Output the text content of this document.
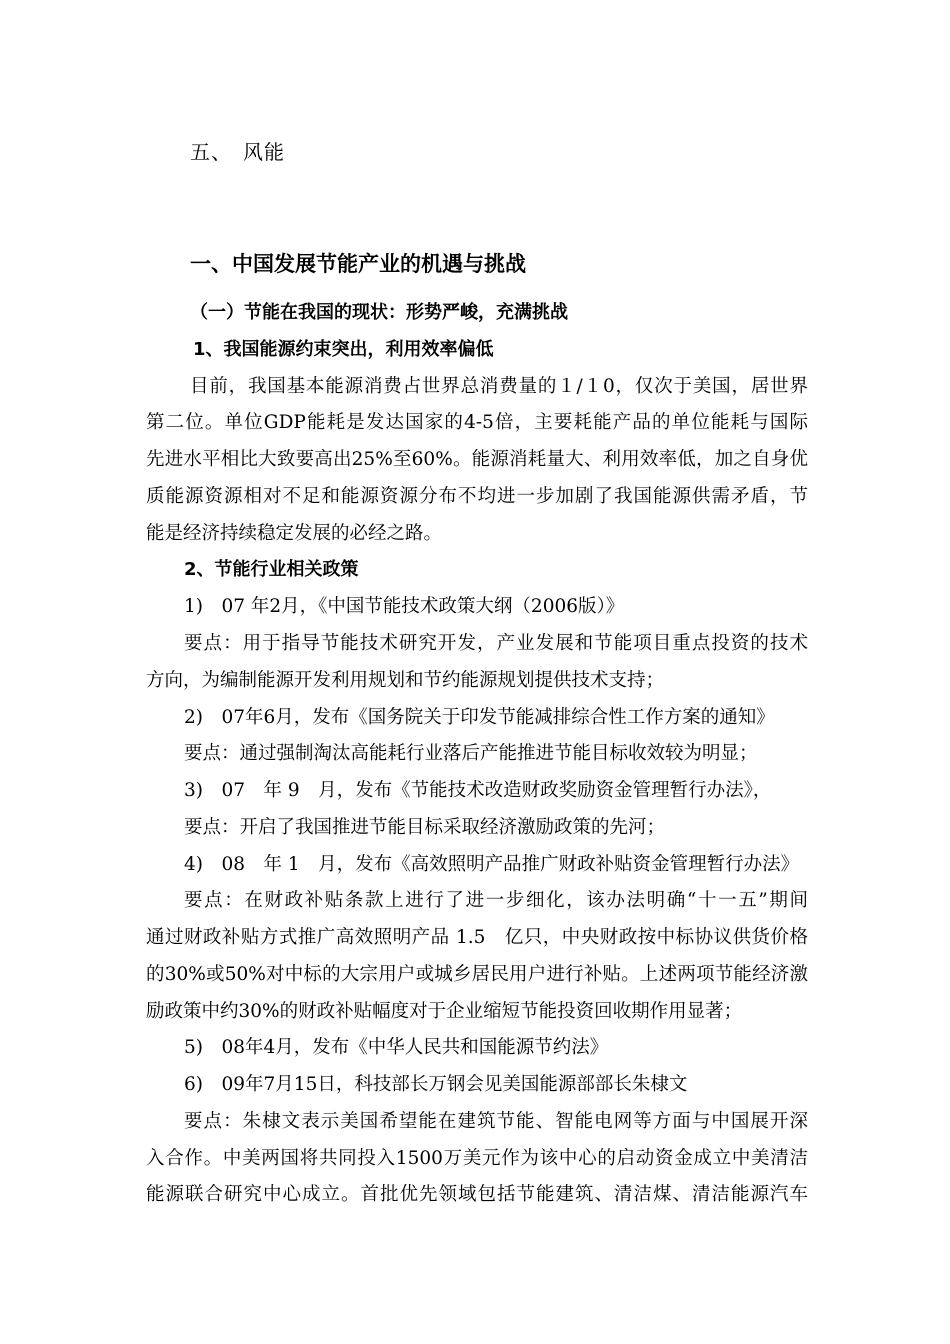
五、　风能
一、中国发展节能产业的机遇与挑战
（一）节能在我国的现状：形势严峻，充满挑战
1、我国能源约束突出，利用效率偏低
目前，我国基本能源消费占世界总消费量的１/１0，仅次于美国，居世界
第二位。单位GDP能耗是发达国家的4-5倍，主要耗能产品的单位能耗与国际
先进水平相比大致要高出25%至60%。能源消耗量大、利用效率低，加之自身优
质能源资源相对不足和能源资源分布不均进一步加剧了我国能源供需矛盾，节
能是经济持续稳定发展的必经之路。
2、节能行业相关政策
1)　07 年2月，《中国节能技术政策大纲（2006版）》
要点：用于指导节能技术研究开发，产业发展和节能项目重点投资的技术
方向，为编制能源开发利用规划和节约能源规划提供技术支持；
2)　07年6月，发布《国务院关于印发节能减排综合性工作方案的通知》
要点：通过强制淘汰高能耗行业落后产能推进节能目标收效较为明显；
3)　07　年 9　月，发布《节能技术改造财政奖励资金管理暂行办法》，
要点：开启了我国推进节能目标采取经济激励政策的先河；
4)　08　年 1　月，发布《高效照明产品推广财政补贴资金管理暂行办法》
要点：在财政补贴条款上进行了进一步细化，该办法明确“十一五”期间
通过财政补贴方式推广高效照明产品 1.5　亿只，中央财政按中标协议供货价格
的30%或50%对中标的大宗用户或城乡居民用户进行补贴。上述两项节能经济激
励政策中约30%的财政补贴幅度对于企业缩短节能投资回收期作用显著；
5)　08年4月，发布《中华人民共和国能源节约法》
6)　09年7月15日，科技部长万钢会见美国能源部部长朱棣文
要点：朱棣文表示美国希望能在建筑节能、智能电网等方面与中国展开深
入合作。中美两国将共同投入1500万美元作为该中心的启动资金成立中美清洁
能源联合研究中心成立。首批优先领域包括节能建筑、清洁煤、清洁能源汽车
